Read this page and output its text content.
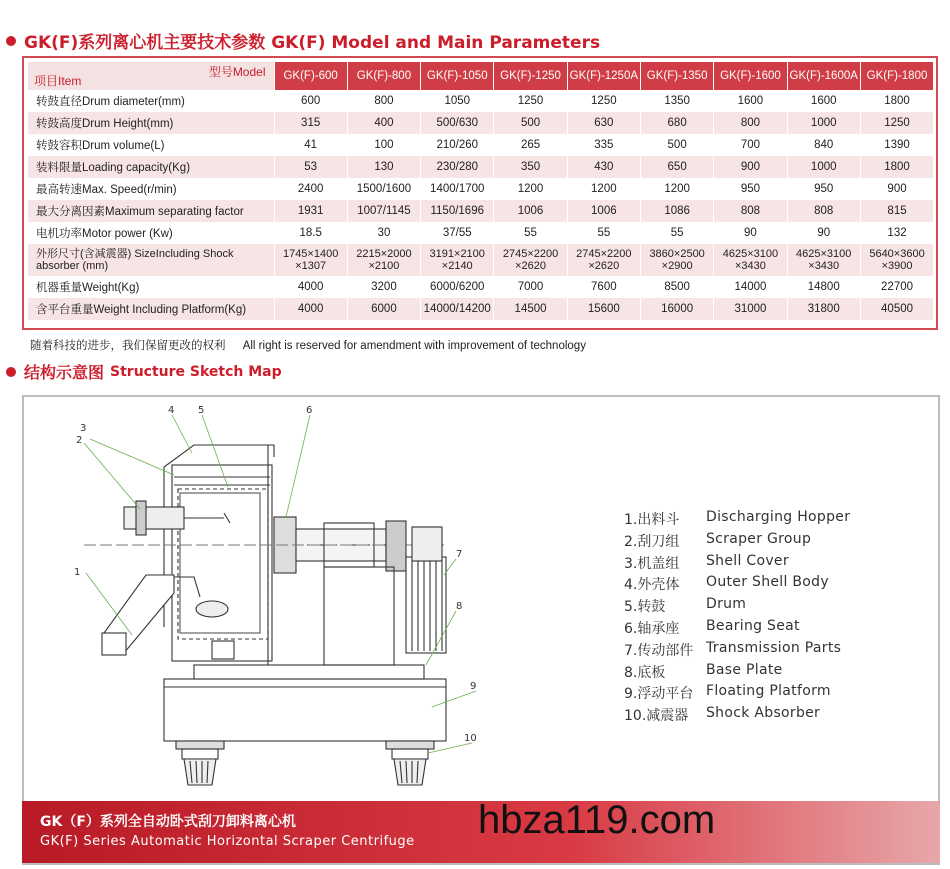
GK(F)系列离心机主要技术参数 GK(F) Model and Main Parameters
型号Model
项目Item	GK(F)-600	GK(F)-800	GK(F)-1050	GK(F)-1250	GK(F)-1250A	GK(F)-1350	GK(F)-1600	GK(F)-1600A	GK(F)-1800
转鼓直径Drum diameter(mm)	600	800	1050	1250	1250	1350	1600	1600	1800
转鼓高度Drum Height(mm)	315	400	500/630	500	630	680	800	1000	1250
转鼓容积Drum volume(L)	41	100	210/260	265	335	500	700	840	1390
装料限量Loading capacity(Kg)	53	130	230/280	350	430	650	900	1000	1800
最高转速Max. Speed(r/min)	2400	1500/1600	1400/1700	1200	1200	1200	950	950	900
最大分离因素Maximum separating factor	1931	1007/1145	1150/1696	1006	1006	1086	808	808	815
电机功率Motor power (Kw)	18.5	30	37/55	55	55	55	90	90	132
外形尺寸(含减震器) SizeIncluding Shock absorber (mm)	1745×1400 ×1307	2215×2000 ×2100	3191×2100 ×2140	2745×2200 ×2620	2745×2200 ×2620	3860×2500 ×2900	4625×3100 ×3430	4625×3100 ×3430	5640×3600 ×3900
机器重量Weight(Kg)	4000	3200	6000/6200	7000	7600	8500	14000	14800	22700
含平台重量Weight Including Platform(Kg)	4000	6000	14000/14200	14500	15600	16000	31000	31800	40500
随着科技的进步，我们保留更改的权利 All right is reserved for amendment with improvement of technology
结构示意图 Structure Sketch Map
1
2
3
4 5	6
7
8
9
10
1.出料斗	Discharging Hopper
2.刮刀组	Scraper Group
3.机盖组	Shell Cover
4.外壳体	Outer Shell Body
5.转鼓	Drum
6.轴承座	Bearing Seat
7.传动部件 Transmission Parts
8.底板	Base Plate
9.浮动平台 Floating Platform
10.减震器	Shock Absorber
GK（F）系列全自动卧式刮刀卸料离心机
GK(F) Series Automatic Horizontal Scraper Centrifuge hbza119.com
